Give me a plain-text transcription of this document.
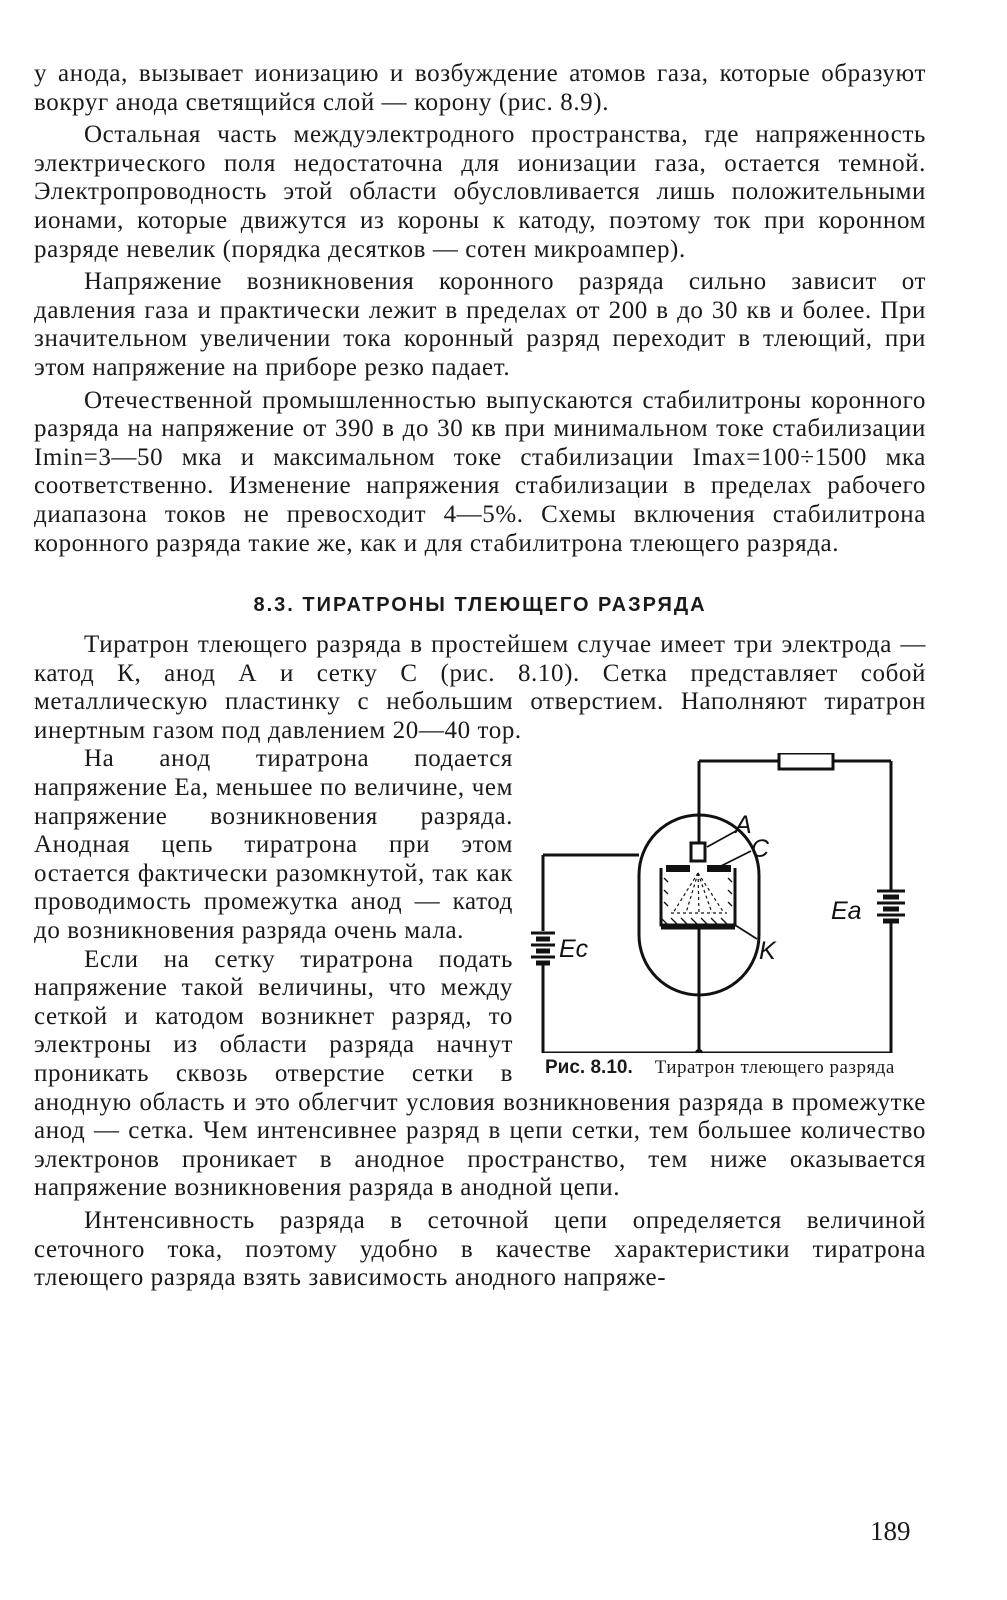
у анода, вызывает ионизацию и возбуждение атомов газа, которые образуют вокруг анода светящийся слой — корону (рис. 8.9).

Остальная часть междуэлектродного пространства, где напряженность электрического поля недостаточна для ионизации газа, остается темной. Электропроводность этой области обусловливается лишь положительными ионами, которые движутся из короны к катоду, поэтому ток при коронном разряде невелик (порядка десятков — сотен микроампер).

Напряжение возникновения коронного разряда сильно зависит от давления газа и практически лежит в пределах от 200 в до 30 кв и более. При значительном увеличении тока коронный разряд переходит в тлеющий, при этом напряжение на приборе резко падает.

Отечественной промышленностью выпускаются стабилитроны коронного разряда на напряжение от 390 в до 30 кв при минимальном токе стабилизации Imin=3—50 мка и максимальном токе стабилизации Imax=100÷1500 мка соответственно. Изменение напряжения стабилизации в пределах рабочего диапазона токов не превосходит 4—5%. Схемы включения стабилитрона коронного разряда такие же, как и для стабилитрона тлеющего разряда.

8.3. ТИРАТРОНЫ ТЛЕЮЩЕГО РАЗРЯДА

Тиратрон тлеющего разряда в простейшем случае имеет три электрода — катод К, анод А и сетку С (рис. 8.10). Сетка представляет собой металлическую пластинку с небольшим отверстием. Наполняют тиратрон инертным газом под давлением 20—40 тор.

A
C
K
Ea
Ec
Рис. 8.10. Тиратрон тлеющего разряда

На анод тиратрона подается напряжение Ea, меньшее по величине, чем напряжение возникновения разряда. Анодная цепь тиратрона при этом остается фактически разомкнутой, так как проводимость промежутка анод — катод до возникновения разряда очень мала.

Если на сетку тиратрона подать напряжение такой величины, что между сеткой и катодом возникнет разряд, то электроны из области разряда начнут проникать сквозь отверстие сетки в анодную область и это облегчит условия возникновения разряда в промежутке анод — сетка. Чем интенсивнее разряд в цепи сетки, тем большее количество электронов проникает в анодное пространство, тем ниже оказывается напряжение возникновения разряда в анодной цепи.

Интенсивность разряда в сеточной цепи определяется величиной сеточного тока, поэтому удобно в качестве характеристики тиратрона тлеющего разряда взять зависимость анодного напряже-

189
